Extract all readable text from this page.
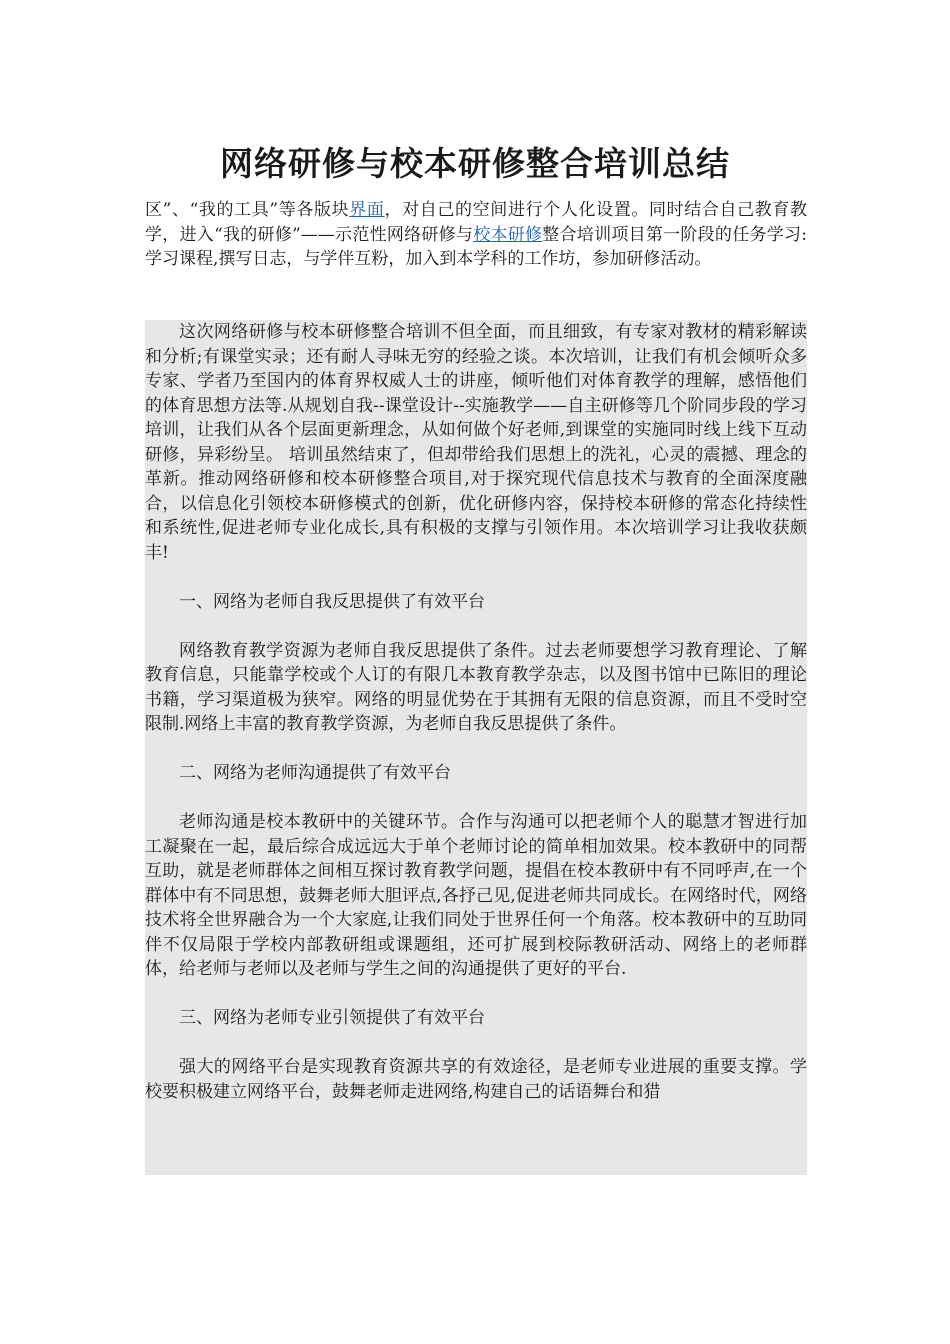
网络研修与校本研修整合培训总结
区”、“我的工具”等各版块界面，对自己的空间进行个人化设置。同时结合自己教育教学，进入“我的研修”——示范性网络研修与校本研修整合培训项目第一阶段的任务学习:学习课程,撰写日志，与学伴互粉，加入到本学科的工作坊，参加研修活动。

这次网络研修与校本研修整合培训不但全面，而且细致，有专家对教材的精彩解读和分析;有课堂实录；还有耐人寻味无穷的经验之谈。本次培训，让我们有机会倾听众多专家、学者乃至国内的体育界权威人士的讲座，倾听他们对体育教学的理解，感悟他们的体育思想方法等.从规划自我--课堂设计--实施教学——自主研修等几个阶同步段的学习培训，让我们从各个层面更新理念，从如何做个好老师,到课堂的实施同时线上线下互动研修，异彩纷呈。 培训虽然结束了，但却带给我们思想上的洗礼，心灵的震撼、理念的革新。推动网络研修和校本研修整合项目,对于探究现代信息技术与教育的全面深度融合，以信息化引领校本研修模式的创新，优化研修内容，保持校本研修的常态化持续性和系统性,促进老师专业化成长,具有积极的支撑与引领作用。本次培训学习让我收获颇丰!

一、网络为老师自我反思提供了有效平台

网络教育教学资源为老师自我反思提供了条件。过去老师要想学习教育理论、了解教育信息，只能靠学校或个人订的有限几本教育教学杂志，以及图书馆中已陈旧的理论书籍，学习渠道极为狭窄。网络的明显优势在于其拥有无限的信息资源，而且不受时空限制.网络上丰富的教育教学资源，为老师自我反思提供了条件。

二、网络为老师沟通提供了有效平台

老师沟通是校本教研中的关键环节。合作与沟通可以把老师个人的聪慧才智进行加工凝聚在一起，最后综合成远远大于单个老师讨论的简单相加效果。校本教研中的同帮互助，就是老师群体之间相互探讨教育教学问题，提倡在校本教研中有不同呼声,在一个群体中有不同思想，鼓舞老师大胆评点,各抒己见,促进老师共同成长。在网络时代，网络技术将全世界融合为一个大家庭,让我们同处于世界任何一个角落。校本教研中的互助同伴不仅局限于学校内部教研组或课题组，还可扩展到校际教研活动、网络上的老师群体，给老师与老师以及老师与学生之间的沟通提供了更好的平台.

三、网络为老师专业引领提供了有效平台

强大的网络平台是实现教育资源共享的有效途径，是老师专业进展的重要支撑。学校要积极建立网络平台，鼓舞老师走进网络,构建自己的话语舞台和猎
